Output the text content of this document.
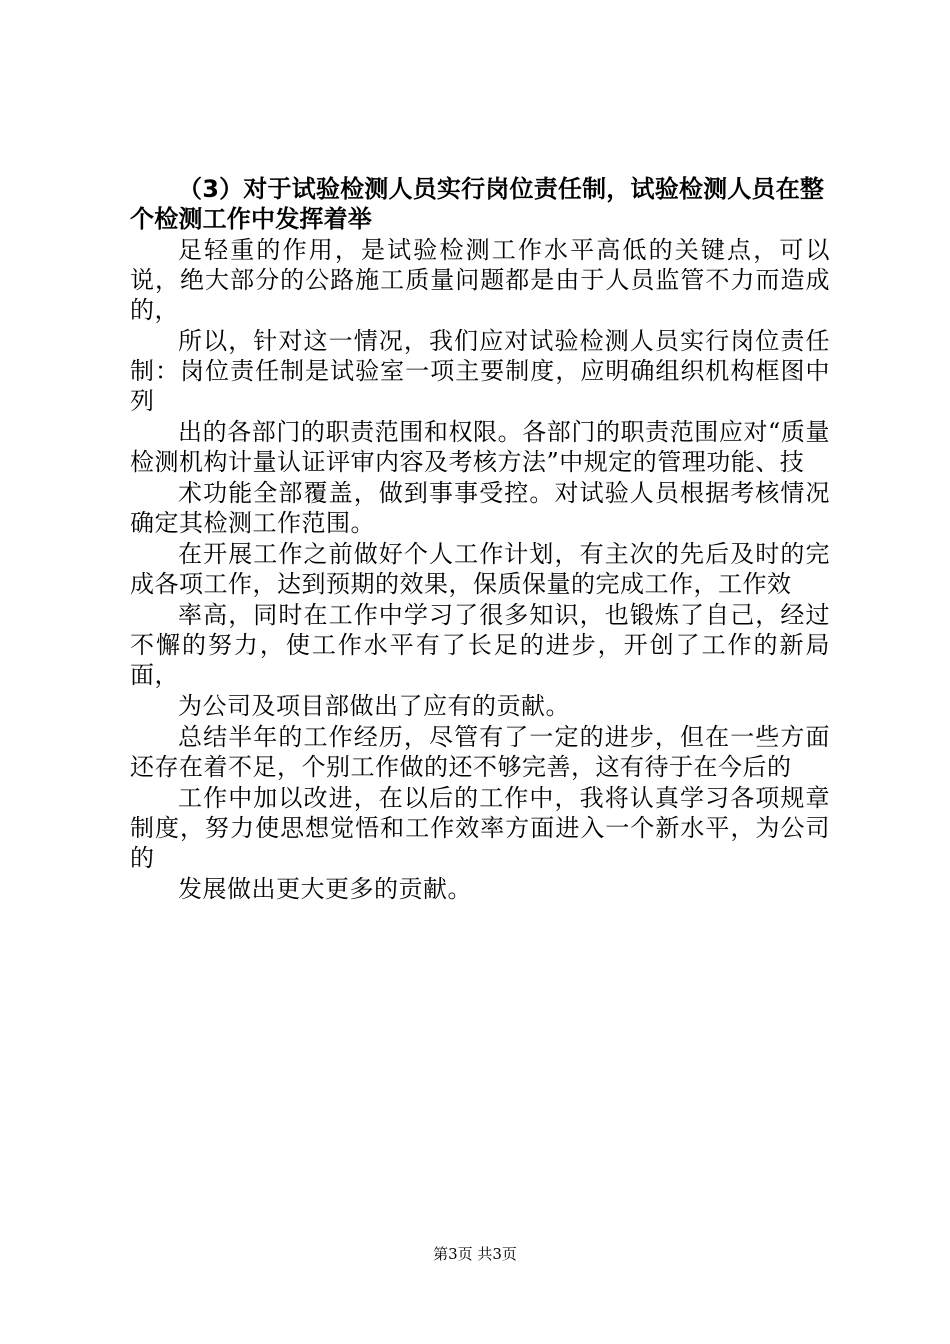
（3）对于试验检测人员实行岗位责任制，试验检测人员在整个检测工作中发挥着举

足轻重的作用，是试验检测工作水平高低的关键点，可以说，绝大部分的公路施工质量问题都是由于人员监管不力而造成的，

所以，针对这一情况，我们应对试验检测人员实行岗位责任制：岗位责任制是试验室一项主要制度，应明确组织机构框图中列

出的各部门的职责范围和权限。各部门的职责范围应对“质量检测机构计量认证评审内容及考核方法”中规定的管理功能、技

术功能全部覆盖，做到事事受控。对试验人员根据考核情况确定其检测工作范围。

在开展工作之前做好个人工作计划，有主次的先后及时的完成各项工作，达到预期的效果，保质保量的完成工作，工作效

率高，同时在工作中学习了很多知识，也锻炼了自己，经过不懈的努力，使工作水平有了长足的进步，开创了工作的新局面，

为公司及项目部做出了应有的贡献。

总结半年的工作经历，尽管有了一定的进步，但在一些方面还存在着不足，个别工作做的还不够完善，这有待于在今后的

工作中加以改进，在以后的工作中，我将认真学习各项规章制度，努力使思想觉悟和工作效率方面进入一个新水平，为公司的

发展做出更大更多的贡献。

第3页 共3页
